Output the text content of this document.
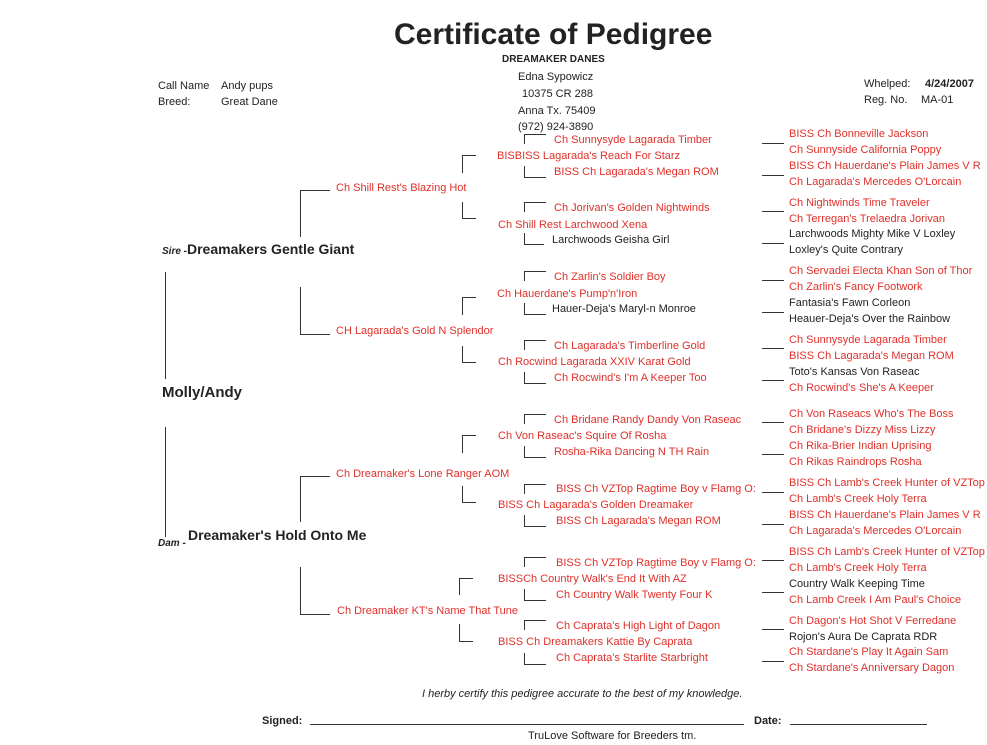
Certificate of Pedigree
DREAMAKER DANES
Edna Sypowicz
10375 CR 288
Anna Tx. 75409
(972) 924-3890
Call Name Andy pups
Breed:	Great Dane
Whelped: 4/24/2007
Reg. No. MA-01
Molly/Andy
Sire - Dreamakers Gentle Giant
Dam -
Dreamaker's Hold Onto Me
Ch Shill Rest's Blazing Hot
CH Lagarada's Gold N Splendor
Ch Dreamaker's Lone Ranger AOM
Ch Dreamaker KT's Name That Tune
BISBISS Lagarada's Reach For Starz
Ch Shill Rest Larchwood Xena
Ch Hauerdane's Pump'n'Iron
Ch Rocwind Lagarada XXIV Karat Gold
Ch Von Raseac's Squire Of Rosha
BISS Ch Lagarada's Golden Dreamaker
BISSCh Country Walk's End It With AZ
BISS Ch Dreamakers Kattie By Caprata
Ch Sunnysyde Lagarada Timber
BISS Ch Lagarada's Megan ROM
Ch Jorivan's Golden Nightwinds
Larchwoods Geisha Girl
Ch Zarlin's Soldier Boy
Hauer-Deja's Maryl-n Monroe
Ch Lagarada's Timberline Gold
Ch Rocwind's I'm A Keeper Too
Ch Bridane Randy Dandy Von Raseac
Rosha-Rika Dancing N TH Rain
BISS Ch VZTop Ragtime Boy v Flamg O:
BISS Ch Lagarada's Megan ROM
BISS Ch VZTop Ragtime Boy v Flamg O:
Ch Country Walk Twenty Four K
Ch Caprata's High Light of Dagon
Ch Caprata's Starlite Starbright
BISS Ch Bonneville Jackson
Ch Sunnyside California Poppy
BISS Ch Hauerdane's Plain James V R
Ch Lagarada's Mercedes O'Lorcain
Ch Nightwinds Time Traveler
Ch Terregan's Trelaedra Jorivan
Larchwoods Mighty Mike V Loxley
Loxley's Quite Contrary
Ch Servadei Electa Khan Son of Thor
Ch Zarlin's Fancy Footwork
Fantasia's Fawn Corleon
Heauer-Deja's Over the Rainbow
Ch Sunnysyde Lagarada Timber
BISS Ch Lagarada's Megan ROM
Toto's Kansas Von Raseac
Ch Rocwind's She's A Keeper
Ch Von Raseacs Who's The Boss
Ch Bridane's Dizzy Miss Lizzy
Ch Rika-Brier Indian Uprising
Ch Rikas Raindrops Rosha
BISS Ch Lamb's Creek Hunter of VZTop
Ch Lamb's Creek Holy Terra
BISS Ch Hauerdane's Plain James V R
Ch Lagarada's Mercedes O'Lorcain
BISS Ch Lamb's Creek Hunter of VZTop
Ch Lamb's Creek Holy Terra
Country Walk Keeping Time
Ch Lamb Creek I Am Paul's Choice
Ch Dagon's Hot Shot V Ferredane
Rojon's Aura De Caprata RDR
Ch Stardane's Play It Again Sam
Ch Stardane's Anniversary Dagon
I herby certify this pedigree accurate to the best of my knowledge.
Signed:	Date:
TruLove Software for Breeders tm.
